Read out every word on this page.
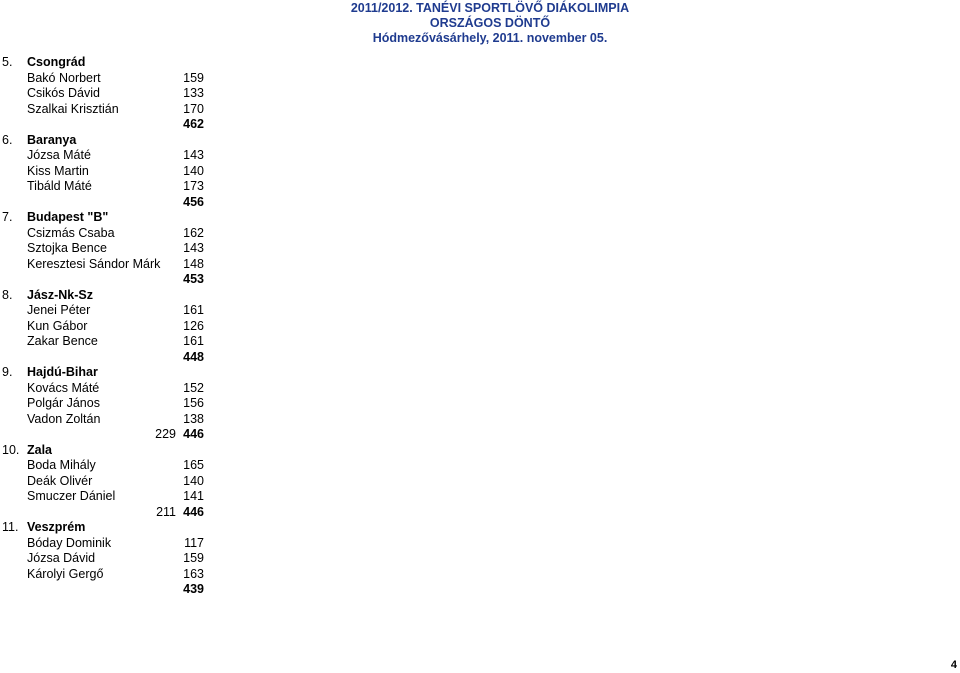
2011/2012. TANÉVI SPORTLÖVŐ DIÁKOLIMPIA
ORSZÁGOS DÖNTŐ
Hódmezővásárhely, 2011. november 05.
5.	Csongrád
Bakó Norbert	159
Csikós Dávid	133
Szalkai Krisztián	170
462
6.	Baranya
Józsa Máté	143
Kiss Martin	140
Tibáld Máté	173
456
7.	Budapest "B"
Csizmás Csaba	162
Sztojka Bence	143
Keresztesi Sándor Márk	148
453
8.	Jász-Nk-Sz
Jenei Péter	161
Kun Gábor	126
Zakar Bence	161
448
9.	Hajdú-Bihar
Kovács Máté	152
Polgár János	156
Vadon Zoltán	138
229 446
10. Zala
Boda Mihály	165
Deák Olivér	140
Smuczer Dániel	141
211 446
11. Veszprém
Bóday Dominik	117
Józsa Dávid	159
Károlyi Gergő	163
439
4
